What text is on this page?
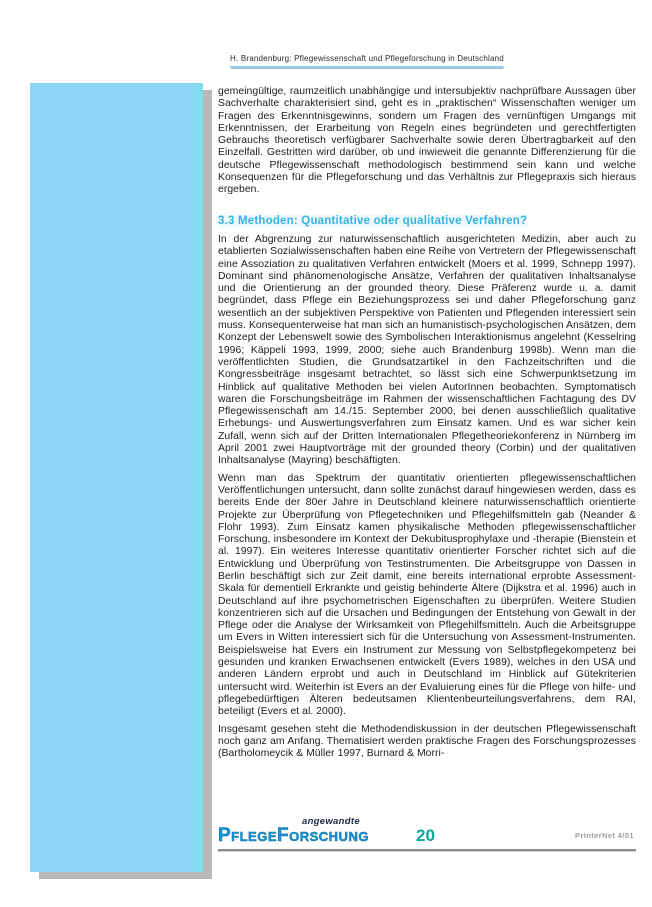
H. Brandenburg: Pflegewissenschaft und Pflegeforschung in Deutschland

gemeingültige, raumzeitlich unabhängige und intersubjektiv nachprüfbare Aussagen über Sachverhalte charakterisiert sind, geht es in „praktischen“ Wissenschaften weniger um Fragen des Erkenntnisgewinns, sondern um Fragen des vernünftigen Umgangs mit Erkenntnissen, der Erarbeitung von Regeln eines begründeten und gerechtfertigten Gebrauchs theoretisch verfügbarer Sachverhalte sowie deren Übertragbarkeit auf den Einzelfall. Gestritten wird darüber, ob und inwieweit die genannte Differenzierung für die deutsche Pflegewissenschaft methodologisch bestimmend sein kann und welche Konsequenzen für die Pflegeforschung und das Verhältnis zur Pflegepraxis sich hieraus ergeben.

3.3 Methoden: Quantitative oder qualitative Verfahren?

In der Abgrenzung zur naturwissenschaftlich ausgerichteten Medizin, aber auch zu etablierten Sozialwissenschaften haben eine Reihe von Vertretern der Pflegewissenschaft eine Assoziation zu qualitativen Verfahren entwickelt (Moers et al. 1999, Schnepp 1997). Dominant sind phänomenologische Ansätze, Verfahren der qualitativen Inhaltsanalyse und die Orientierung an der grounded theory. Diese Präferenz wurde u. a. damit begründet, dass Pflege ein Beziehungsprozess sei und daher Pflegeforschung ganz wesentlich an der subjektiven Perspektive von Patienten und Pflegenden interessiert sein muss. Konsequenterweise hat man sich an humanistisch-psychologischen Ansätzen, dem Konzept der Lebenswelt sowie des Symbolischen Interaktionismus angelehnt (Kesselring 1996; Käppeli 1993, 1999, 2000; siehe auch Brandenburg 1998b). Wenn man die veröffentlichten Studien, die Grundsatzartikel in den Fachzeitschriften und die Kongressbeiträge insgesamt betrachtet, so lässt sich eine Schwerpunktsetzung im Hinblick auf qualitative Methoden bei vielen AutorInnen beobachten. Symptomatisch waren die Forschungsbeiträge im Rahmen der wissenschaftlichen Fachtagung des DV Pflegewissenschaft am 14./15. September 2000, bei denen ausschließlich qualitative Erhebungs- und Auswertungsverfahren zum Einsatz kamen. Und es war sicher kein Zufall, wenn sich auf der Dritten Internationalen Pflegetheoriekonferenz in Nürnberg im April 2001 zwei Hauptvorträge mit der grounded theory (Corbin) und der qualitativen Inhaltsanalyse (Mayring) beschäftigten.

Wenn man das Spektrum der quantitativ orientierten pflegewissenschaftlichen Veröffentlichungen untersucht, dann sollte zunächst darauf hingewiesen werden, dass es bereits Ende der 80er Jahre in Deutschland kleinere naturwissenschaftlich orientierte Projekte zur Überprüfung von Pflegetechniken und Pflegehilfsmitteln gab (Neander & Flohr 1993). Zum Einsatz kamen physikalische Methoden pflegewissenschaftlicher Forschung, insbesondere im Kontext der Dekubitusprophylaxe und -therapie (Bienstein et al. 1997). Ein weiteres Interesse quantitativ orientierter Forscher richtet sich auf die Entwicklung und Überprüfung von Testinstrumenten. Die Arbeitsgruppe von Dassen in Berlin beschäftigt sich zur Zeit damit, eine bereits international erprobte Assessment-Skala für dementiell Erkrankte und geistig behinderte Ältere (Dijkstra et al. 1996) auch in Deutschland auf ihre psychometrischen Eigenschaften zu überprüfen. Weitere Studien konzentrieren sich auf die Ursachen und Bedingungen der Entstehung von Gewalt in der Pflege oder die Analyse der Wirksamkeit von Pflegehilfsmitteln. Auch die Arbeitsgruppe um Evers in Witten interessiert sich für die Untersuchung von Assessment-Instrumenten. Beispielsweise hat Evers ein Instrument zur Messung von Selbstpflegekompetenz bei gesunden und kranken Erwachsenen entwickelt (Evers 1989), welches in den USA und anderen Ländern erprobt und auch in Deutschland im Hinblick auf Gütekriterien untersucht wird. Weiterhin ist Evers an der Evaluierung eines für die Pflege von hilfe- und pflegebedürftigen Älteren bedeutsamen Klientenbeurteilungsverfahrens, dem RAI, beteiligt (Evers et al. 2000).

Insgesamt gesehen steht die Methodendiskussion in der deutschen Pflegewissenschaft noch ganz am Anfang. Thematisiert werden praktische Fragen des Forschungsprozesses (Bartholomeycik & Müller 1997, Burnard & Morri-

angewandte
PflegeForschung	20	PrInterNet 4/01
